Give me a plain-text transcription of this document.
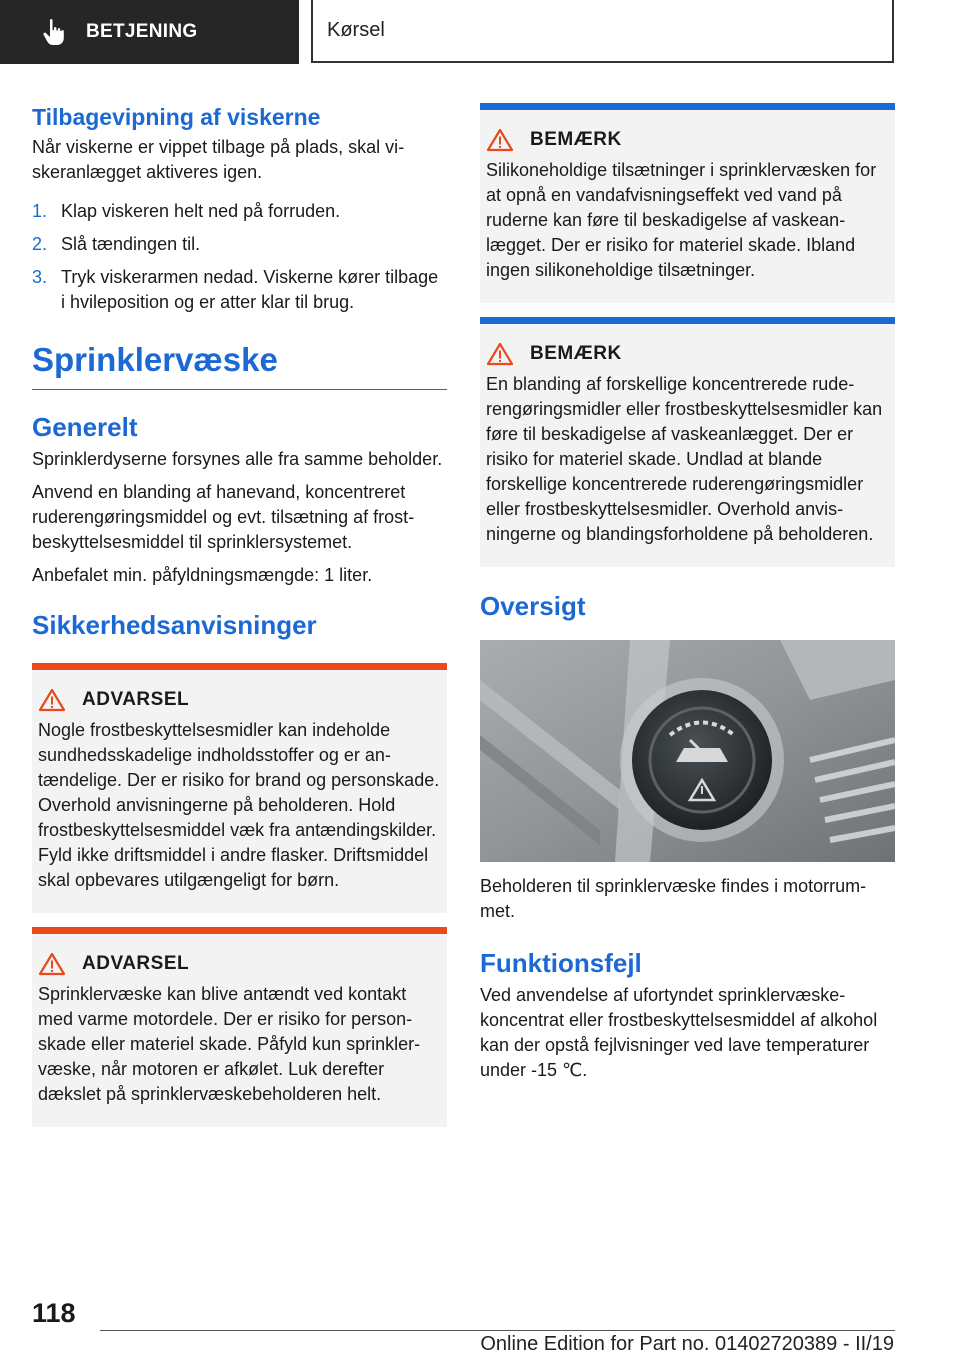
BETJENING	Kørsel
Tilbagevipning af viskerne

Når viskerne er vippet tilbage på plads, skal viskeranlægget aktiveres igen.

1. Klap viskeren helt ned på forruden.
2. Slå tændingen til.
3. Tryk viskerarmen nedad. Viskerne kører tilbage i hvileposition og er atter klar til brug.
Sprinklervæske
Generelt

Sprinklerdyserne forsynes alle fra samme beholder.

Anvend en blanding af hanevand, koncentreret ruderengøringsmiddel og evt. tilsætning af frostbeskyttelsesmiddel til sprinklersystemet.

Anbefalet min. påfyldningsmængde: 1 liter.

Sikkerhedsanvisninger
ADVARSEL

Nogle frostbeskyttelsesmidler kan indeholde sundhedsskadelige indholdsstoffer og er antændelige. Der er risiko for brand og personskade. Overhold anvisningerne på beholderen. Hold frostbeskyttelsesmiddel væk fra antændingskilder. Fyld ikke driftsmiddel i andre flasker. Driftsmiddel skal opbevares utilgængeligt for børn.

ADVARSEL

Sprinklervæske kan blive antændt ved kontakt med varme motordele. Der er risiko for personskade eller materiel skade. Påfyld kun sprinklervæske, når motoren er afkølet. Luk derefter dækslet på sprinklervæskebeholderen helt.

BEMÆRK

Silikoneholdige tilsætninger i sprinklervæsken for at opnå en vandafvisningseffekt ved vand på ruderne kan føre til beskadigelse af vaskeanlægget. Der er risiko for materiel skade. Ibland ingen silikoneholdige tilsætninger.

BEMÆRK

En blanding af forskellige koncentrerede ruderengøringsmidler eller frostbeskyttelsesmidler kan føre til beskadigelse af vaskeanlægget. Der er risiko for materiel skade. Undlad at blande forskellige koncentrerede ruderengøringsmidler eller frostbeskyttelsesmidler. Overhold anvisningerne og blandingsforholdene på beholderen.

Oversigt

Beholderen til sprinklervæske findes i motorrummet.

Funktionsfejl

Ved anvendelse af ufortyndet sprinklervæskekoncentrat eller frostbeskyttelsesmiddel af alkohol kan der opstå fejlvisninger ved lave temperaturer under -15 ℃.

118
Online Edition for Part no. 01402720389 - II/19
